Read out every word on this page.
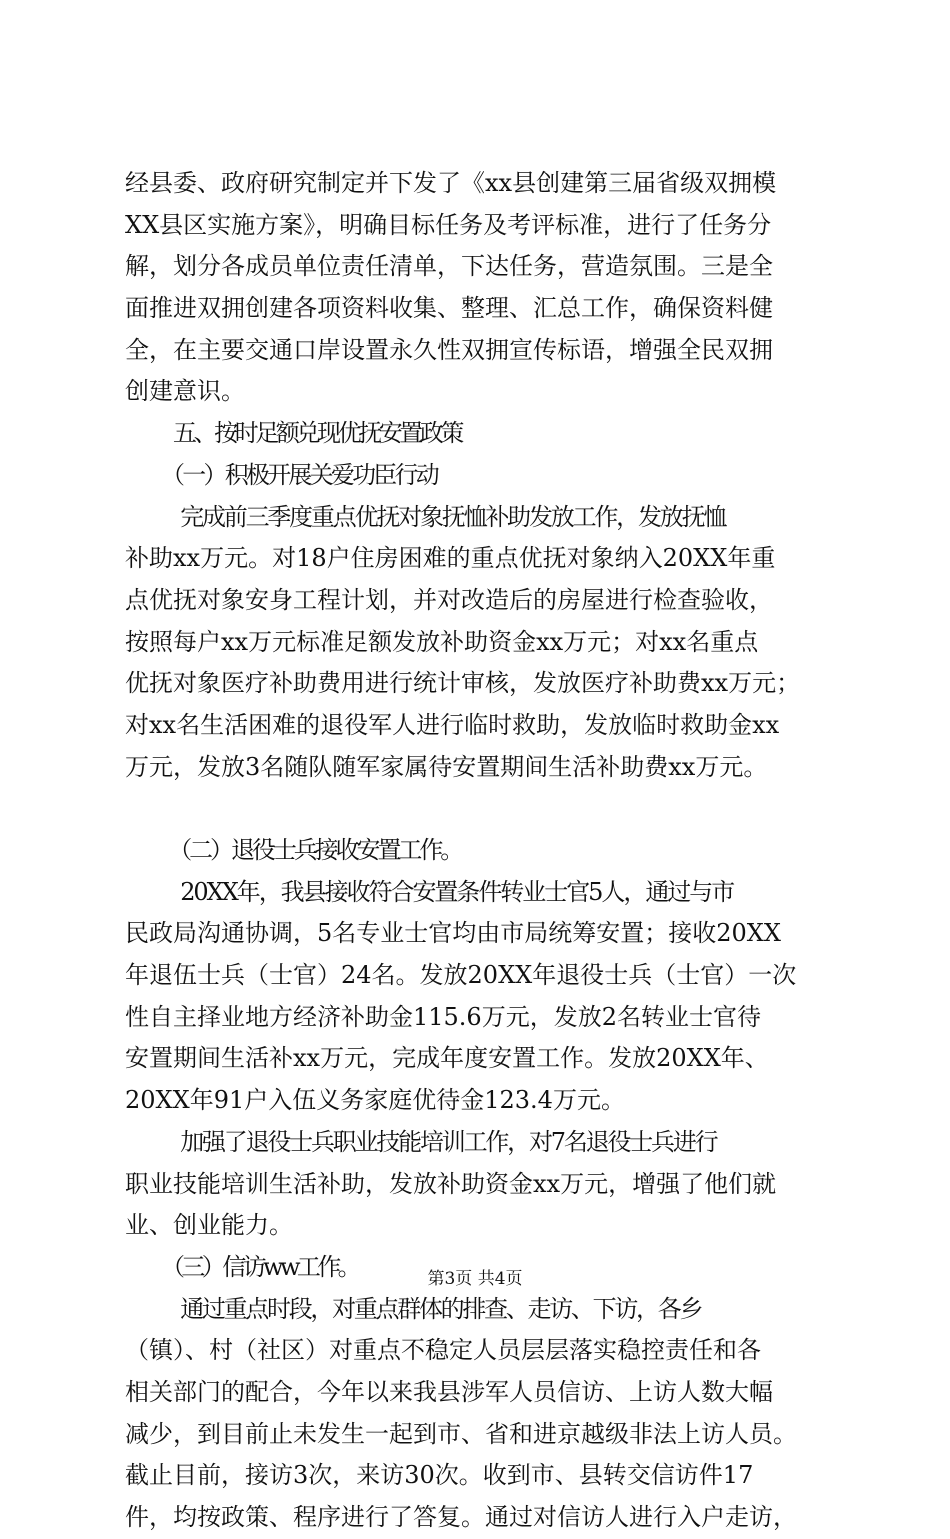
经县委、政府研究制定并下发了《xx县创建第三届省级双拥模
XX县区实施方案》，明确目标任务及考评标准，进行了任务分
解，划分各成员单位责任清单，下达任务，营造氛围。三是全
面推进双拥创建各项资料收集、整理、汇总工作，确保资料健
全，在主要交通口岸设置永久性双拥宣传标语，增强全民双拥
创建意识。
五、按时足额兑现优抚安置政策
（一）积极开展关爱功臣行动
完成前三季度重点优抚对象抚恤补助发放工作，发放抚恤
补助xx万元。对18户住房困难的重点优抚对象纳入20XX年重
点优抚对象安身工程计划，并对改造后的房屋进行检查验收，
按照每户xx万元标准足额发放补助资金xx万元；对xx名重点
优抚对象医疗补助费用进行统计审核，发放医疗补助费xx万元；
对xx名生活困难的退役军人进行临时救助，发放临时救助金xx
万元，发放3名随队随军家属待安置期间生活补助费xx万元。
（二）退役士兵接收安置工作。
20XX年，我县接收符合安置条件转业士官5人，通过与市
民政局沟通协调，5名专业士官均由市局统筹安置；接收20XX
年退伍士兵（士官）24名。发放20XX年退役士兵（士官）一次
性自主择业地方经济补助金115.6万元，发放2名转业士官待
安置期间生活补xx万元，完成年度安置工作。发放20XX年、
20XX年91户入伍义务家庭优待金123.4万元。
加强了退役士兵职业技能培训工作，对7名退役士兵进行
职业技能培训生活补助，发放补助资金xx万元，增强了他们就
业、创业能力。
（三）信访ww工作。
通过重点时段，对重点群体的排查、走访、下访，各乡
（镇）、村（社区）对重点不稳定人员层层落实稳控责任和各
相关部门的配合，今年以来我县涉军人员信访、上访人数大幅
减少，到目前止未发生一起到市、省和进京越级非法上访人员。
截止目前，接访3次，来访30次。收到市、县转交信访件17
件，均按政策、程序进行了答复。通过对信访人进行入户走访，
第3页 共4页
